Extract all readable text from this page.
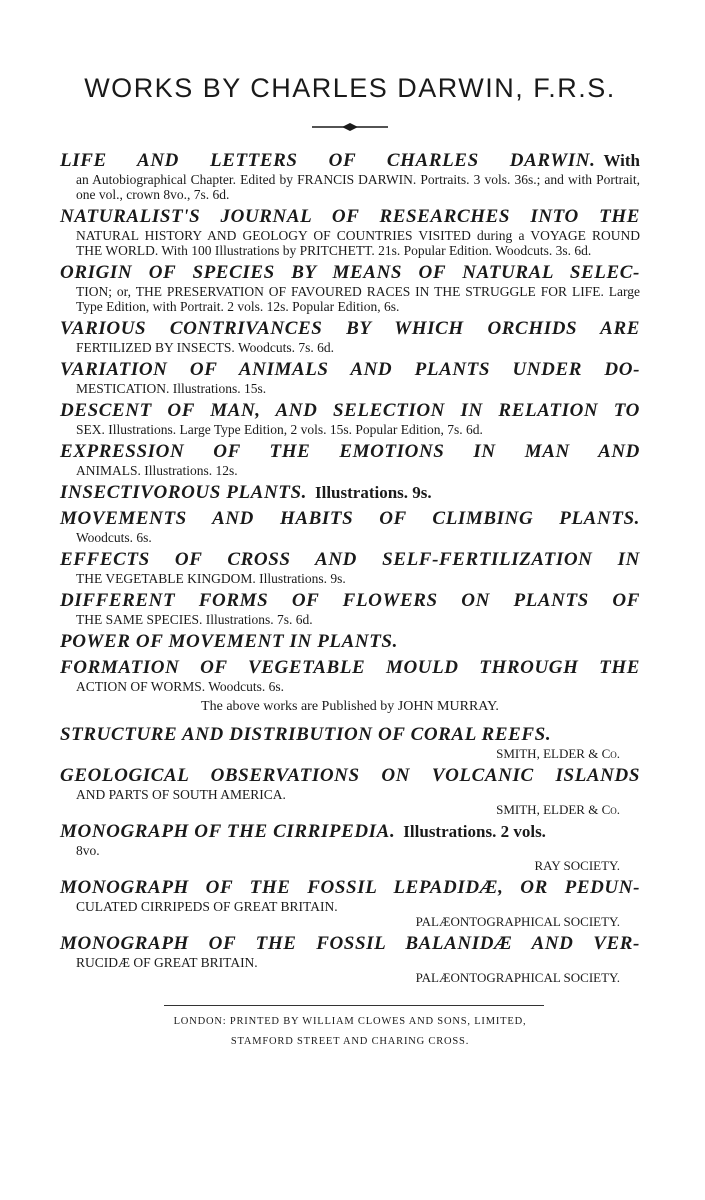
WORKS BY CHARLES DARWIN, F.R.S.
LIFE AND LETTERS OF CHARLES DARWIN. With
an Autobiographical Chapter. Edited by FRANCIS DARWIN. Portraits. 3 vols. 36s.; and with Portrait, one vol., crown 8vo., 7s. 6d.
NATURALIST'S JOURNAL OF RESEARCHES INTO THE
NATURAL HISTORY AND GEOLOGY OF COUNTRIES VISITED during a VOYAGE ROUND THE WORLD. With 100 Illustrations by PRITCHETT. 21s. Popular Edition. Woodcuts. 3s. 6d.
ORIGIN OF SPECIES BY MEANS OF NATURAL SELEC-
TION; or, THE PRESERVATION OF FAVOURED RACES IN THE STRUGGLE FOR LIFE. Large Type Edition, with Portrait. 2 vols. 12s. Popular Edition, 6s.
VARIOUS CONTRIVANCES BY WHICH ORCHIDS ARE
FERTILIZED BY INSECTS. Woodcuts. 7s. 6d.
VARIATION OF ANIMALS AND PLANTS UNDER DO-
MESTICATION. Illustrations. 15s.
DESCENT OF MAN, AND SELECTION IN RELATION TO
SEX. Illustrations. Large Type Edition, 2 vols. 15s. Popular Edition, 7s. 6d.
EXPRESSION OF THE EMOTIONS IN MAN AND
ANIMALS. Illustrations. 12s.
INSECTIVOROUS PLANTS. Illustrations. 9s.
MOVEMENTS AND HABITS OF CLIMBING PLANTS.
Woodcuts. 6s.
EFFECTS OF CROSS AND SELF-FERTILIZATION IN
THE VEGETABLE KINGDOM. Illustrations. 9s.
DIFFERENT FORMS OF FLOWERS ON PLANTS OF
THE SAME SPECIES. Illustrations. 7s. 6d.
POWER OF MOVEMENT IN PLANTS.
FORMATION OF VEGETABLE MOULD THROUGH THE
ACTION OF WORMS. Woodcuts. 6s.
The above works are Published by JOHN MURRAY.
STRUCTURE AND DISTRIBUTION OF CORAL REEFS.
SMITH, ELDER & Co.
GEOLOGICAL OBSERVATIONS ON VOLCANIC ISLANDS
AND PARTS OF SOUTH AMERICA.
SMITH, ELDER & Co.
MONOGRAPH OF THE CIRRIPEDIA. Illustrations. 2 vols.
8vo.
RAY SOCIETY.
MONOGRAPH OF THE FOSSIL LEPADIDÆ, OR PEDUN-
CULATED CIRRIPEDS OF GREAT BRITAIN.
PALÆONTOGRAPHICAL SOCIETY.
MONOGRAPH OF THE FOSSIL BALANIDÆ AND VER-
RUCIDÆ OF GREAT BRITAIN.
PALÆONTOGRAPHICAL SOCIETY.
LONDON: PRINTED BY WILLIAM CLOWES AND SONS, LIMITED,
STAMFORD STREET AND CHARING CROSS.
